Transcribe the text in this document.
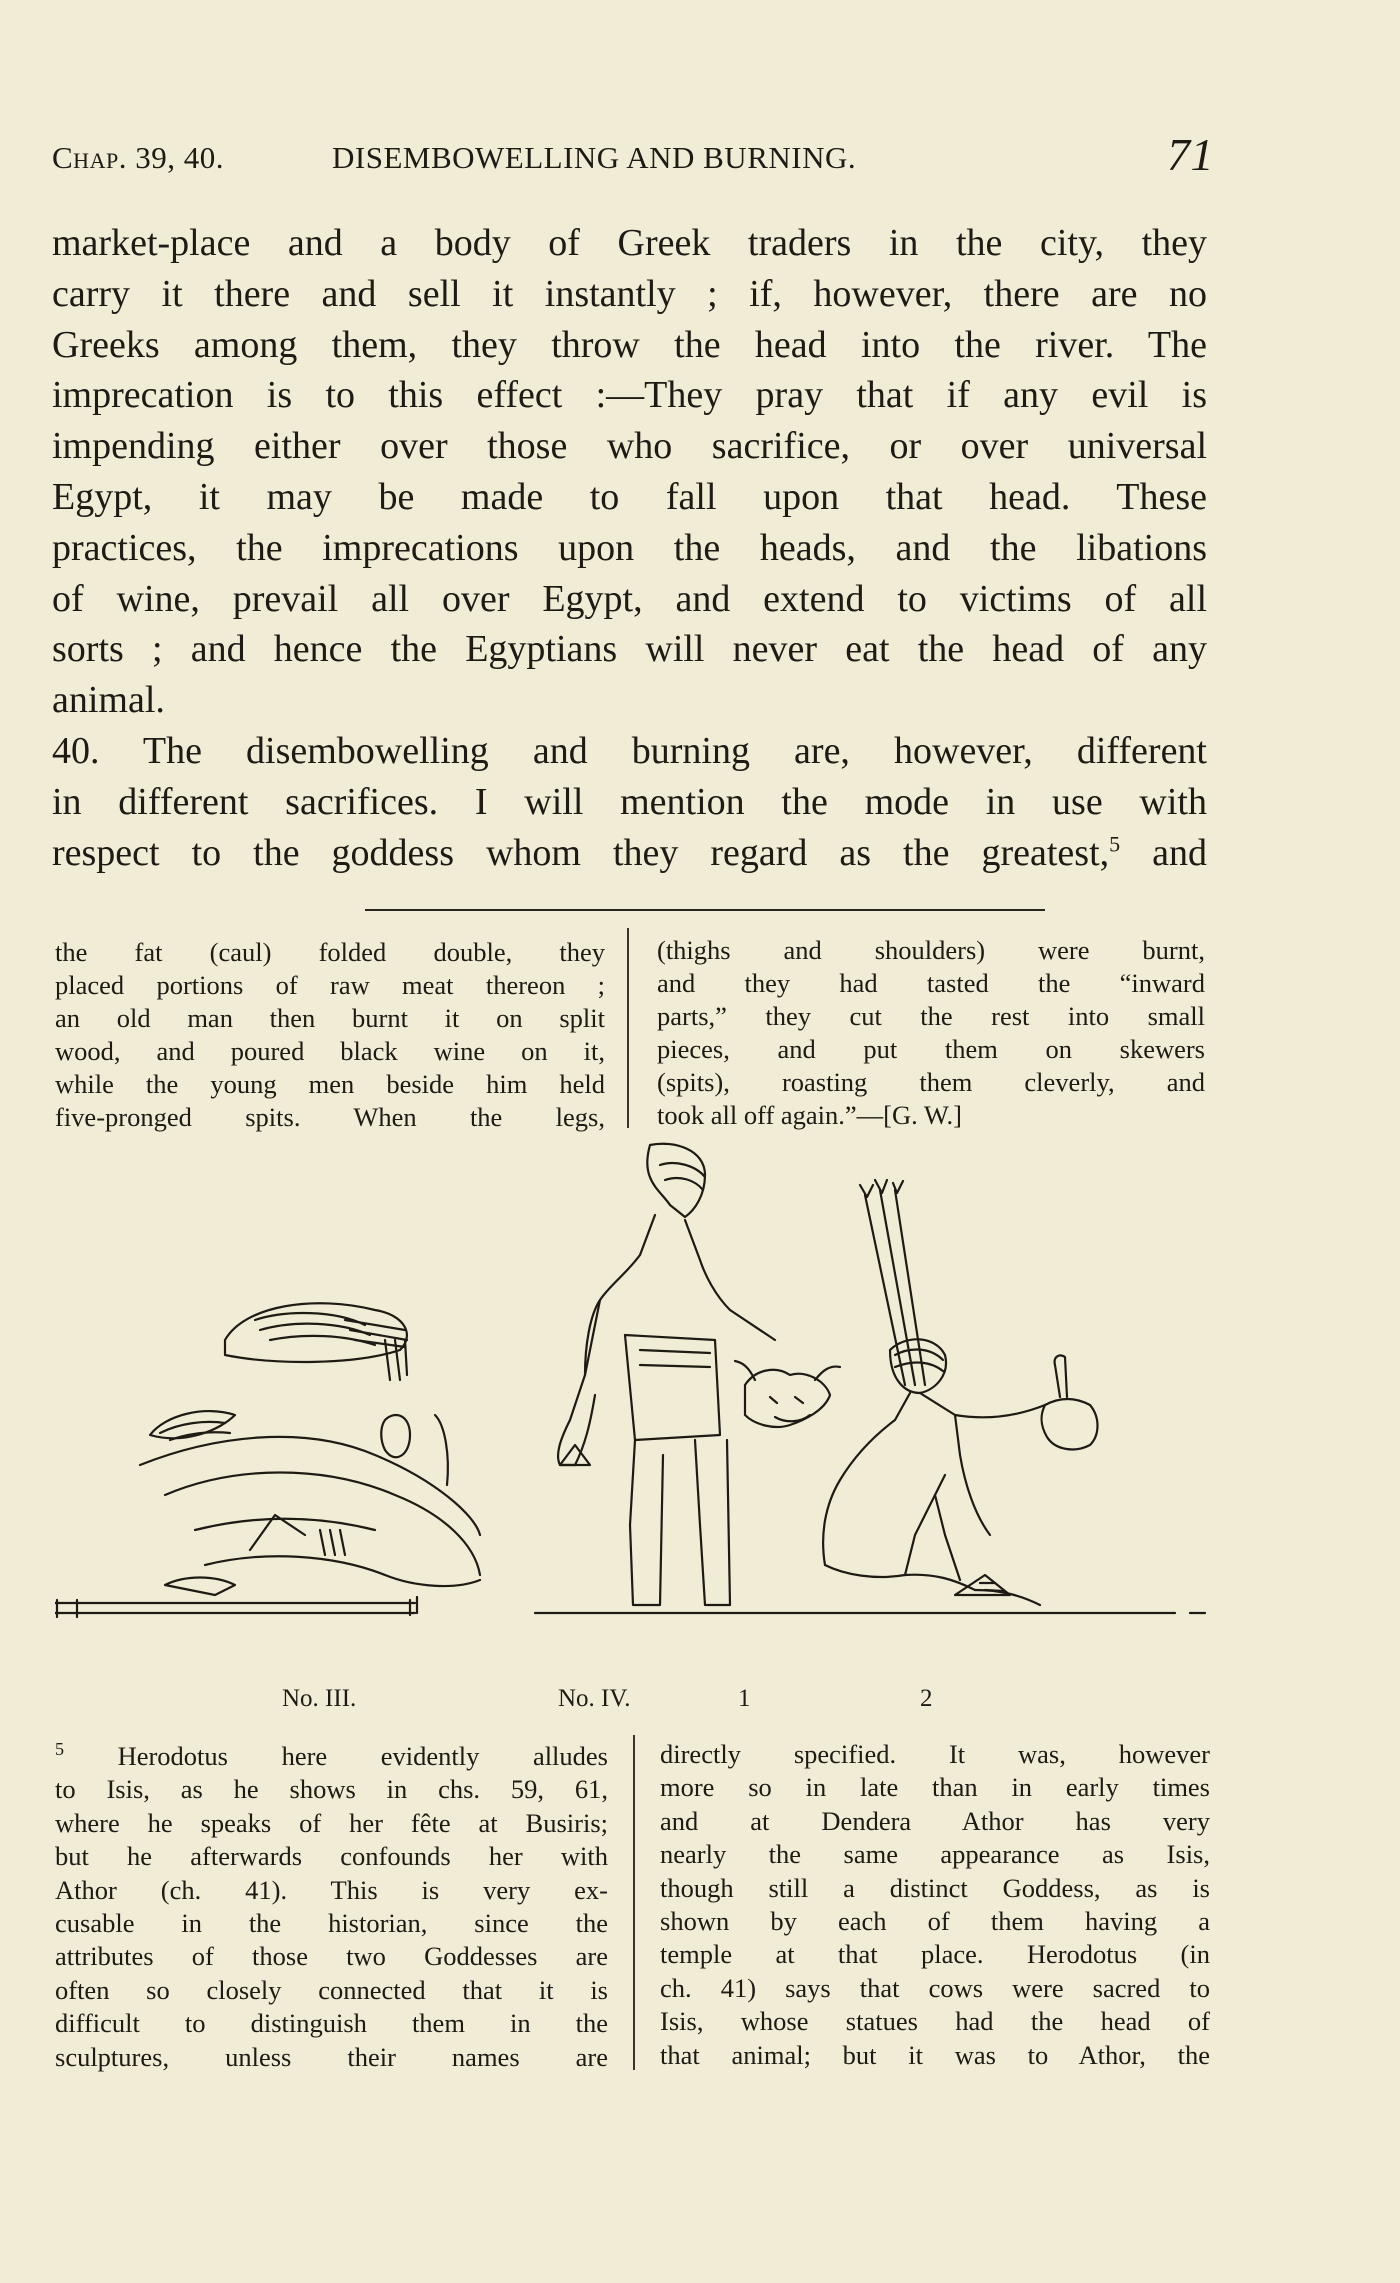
Chap. 39, 40.	DISEMBOWELLING AND BURNING.	71
market-place and a body of Greek traders in the city, they
carry it there and sell it instantly ; if, however, there are no
Greeks among them, they throw the head into the river. The
imprecation is to this effect :—They pray that if any evil is
impending either over those who sacrifice, or over universal
Egypt, it may be made to fall upon that head. These
practices, the imprecations upon the heads, and the libations
of wine, prevail all over Egypt, and extend to victims of all
sorts ; and hence the Egyptians will never eat the head of any
animal.
40. The disembowelling and burning are, however, different
in different sacrifices. I will mention the mode in use with
respect to the goddess whom they regard as the greatest,$^5$ and
the fat (caul) folded double, they
placed portions of raw meat thereon ;
an old man then burnt it on split
wood, and poured black wine on it,
while the young men beside him held
five-pronged spits. When the legs,
(thighs and shoulders) were burnt,
and they had tasted the “inward
parts,” they cut the rest into small
pieces, and put them on skewers
(spits), roasting them cleverly, and
took all off again.”—[G. W.]
No. III.	No. IV.	1	2
$^5$ Herodotus here evidently alludes
to Isis, as he shows in chs. 59, 61,
where he speaks of her fête at Busiris;
but he afterwards confounds her with
Athor (ch. 41). This is very ex-
cusable in the historian, since the
attributes of those two Goddesses are
often so closely connected that it is
difficult to distinguish them in the
sculptures, unless their names are
directly specified. It was, however
more so in late than in early times
and at Dendera Athor has very
nearly the same appearance as Isis,
though still a distinct Goddess, as is
shown by each of them having a
temple at that place. Herodotus (in
ch. 41) says that cows were sacred to
Isis, whose statues had the head of
that animal; but it was to Athor, the
